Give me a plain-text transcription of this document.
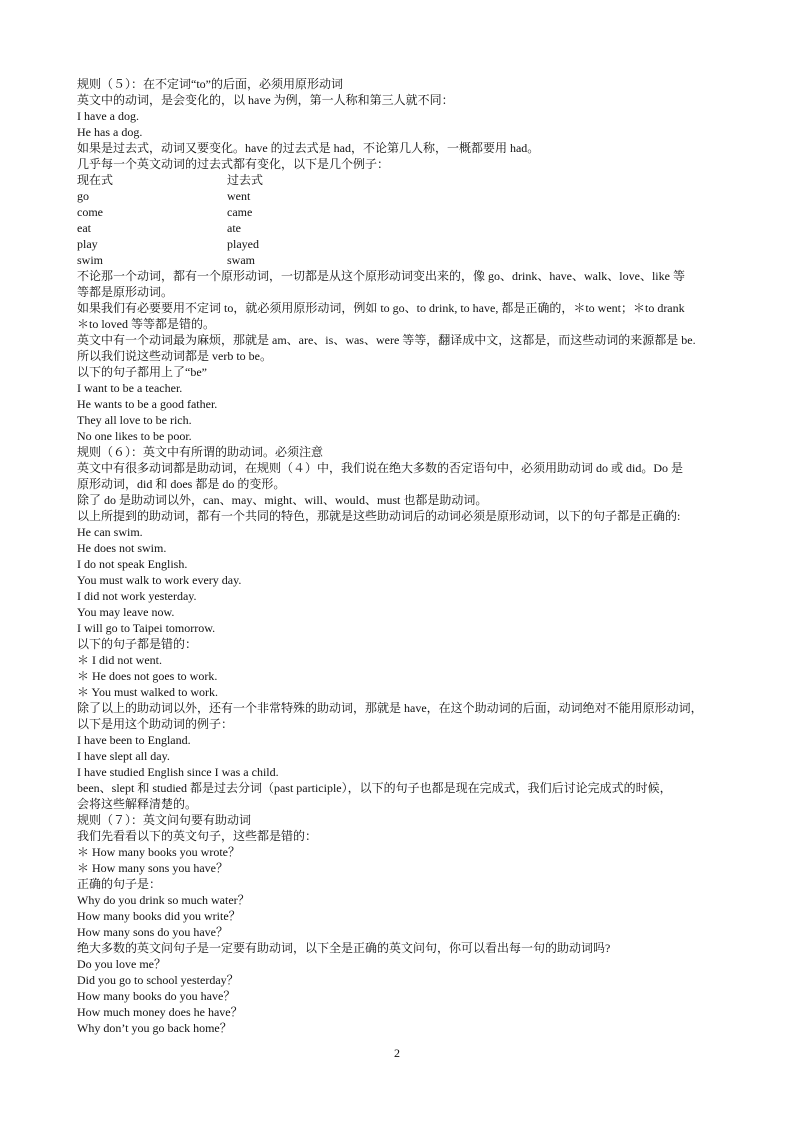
规则（５）：在不定词“to”的后面，必须用原形动词
英文中的动词，是会变化的，以 have 为例，第一人称和第三人就不同：
I have a dog.
He has a dog.
如果是过去式，动词又要变化。have 的过去式是 had，不论第几人称，一概都要用 had。
几乎每一个英文动词的过去式都有变化，以下是几个例子：
现在式	过去式
go	went
come	came
eat	ate
play	played
swim	swam
不论那一个动词，都有一个原形动词，一切都是从这个原形动词变出来的，像 go、drink、have、walk、love、like 等
等都是原形动词。
如果我们有必要要用不定词 to，就必须用原形动词，例如 to go、to drink, to have, 都是正确的，＊to went；＊to drank
＊to loved 等等都是错的。
英文中有一个动词最为麻烦，那就是 am、are、is、was、were 等等，翻译成中文，这都是，而这些动词的来源都是 be.
所以我们说这些动词都是 verb to be。
以下的句子都用上了“be”
I want to be a teacher.
He wants to be a good father.
They all love to be rich.
No one likes to be poor.
规则（６）：英文中有所谓的助动词。必须注意
英文中有很多动词都是助动词，在规则（４）中，我们说在绝大多数的否定语句中，必须用助动词 do 或 did。Do 是
原形动词，did 和 does 都是 do 的变形。
除了 do 是助动词以外，can、may、might、will、would、must 也都是助动词。
以上所提到的助动词，都有一个共同的特色，那就是这些助动词后的动词必须是原形动词，以下的句子都是正确的:
He can swim.
He does not swim.
I do not speak English.
You must walk to work every day.
I did not work yesterday.
You may leave now.
I will go to Taipei tomorrow.
以下的句子都是错的：
＊ I did not went.
＊ He does not goes to work.
＊ You must walked to work.
除了以上的助动词以外，还有一个非常特殊的助动词，那就是 have，在这个助动词的后面，动词绝对不能用原形动词，
以下是用这个助动词的例子：
I have been to England.
I have slept all day.
I have studied English since I was a child.
been、slept 和 studied 都是过去分词（past participle），以下的句子也都是现在完成式，我们后讨论完成式的时候，
会将这些解释清楚的。
规则（７）：英文问句要有助动词
我们先看看以下的英文句子，这些都是错的：
＊ How many books you wrote？
＊ How many sons you have？
正确的句子是：
Why do you drink so much water？
How many books did you write？
How many sons do you have？
绝大多数的英文问句子是一定要有助动词，以下全是正确的英文问句，你可以看出每一句的助动词吗?
Do you love me？
Did you go to school yesterday？
How many books do you have？
How much money does he have？
Why don’t you go back home？
2
